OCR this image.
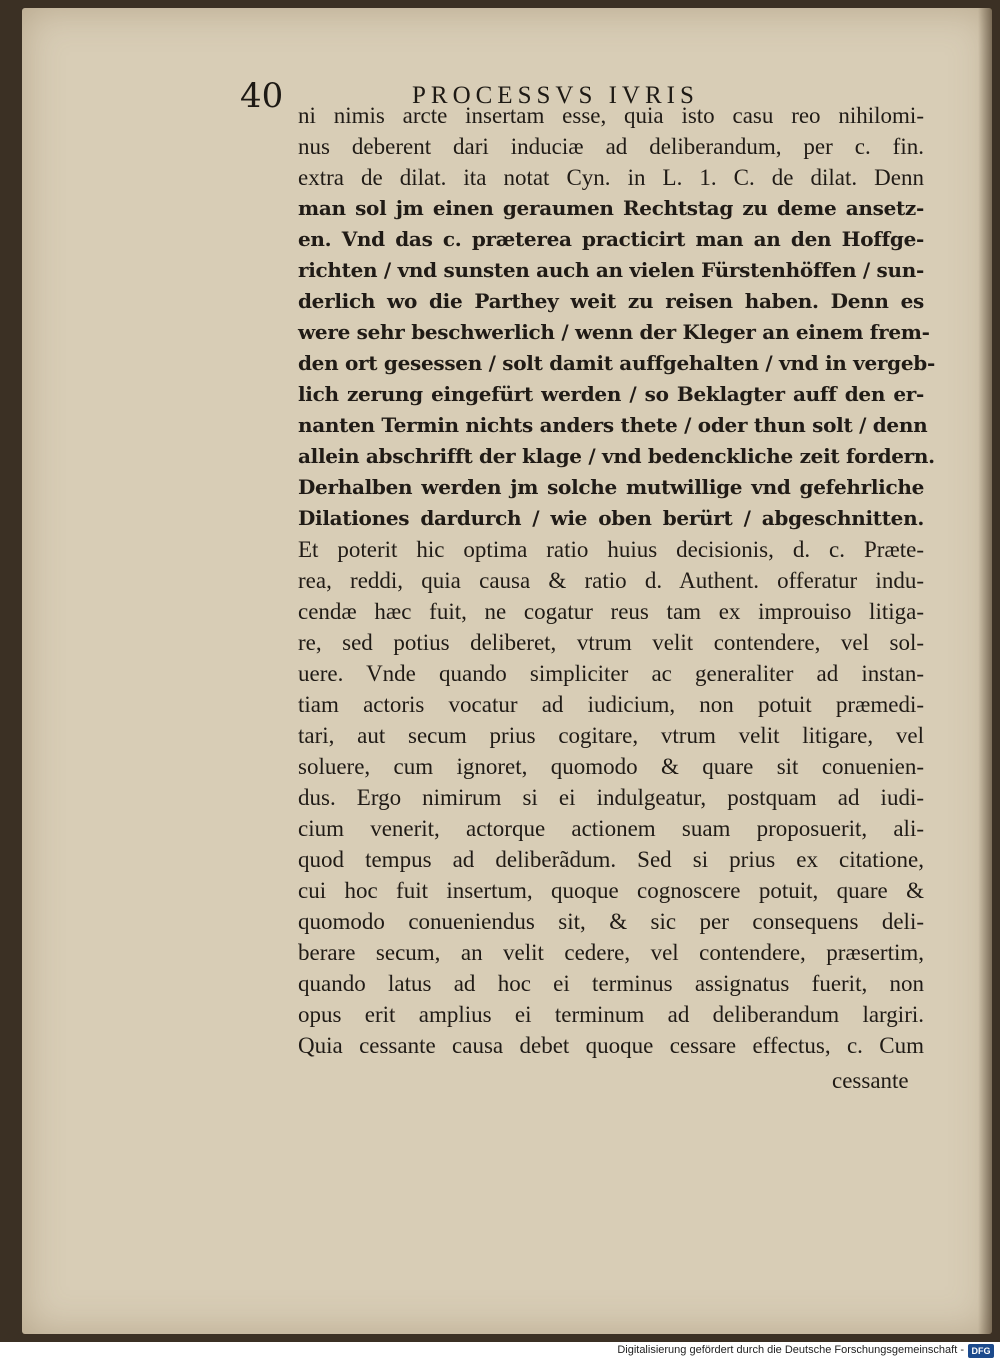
40	PROCESSVS IVRIS
ni nimis arcte insertam esse, quia isto casu reo nihilomi-
nus deberent dari induciæ ad deliberandum, per c. fin.
extra de dilat. ita notat Cyn. in L. 1. C. de dilat. Denn
man sol jm einen geraumen Rechtstag zu deme ansetz-
en. Vnd das c. præterea practicirt man an den Hoffge-
richten / vnd sunsten auch an vielen Fürstenhöffen / sun-
derlich wo die Parthey weit zu reisen haben. Denn es
were sehr beschwerlich / wenn der Kleger an einem frem-
den ort gesessen / solt damit auffgehalten / vnd in vergeb-
lich zerung eingefürt werden / so Beklagter auff den er-
nanten Termin nichts anders thete / oder thun solt / denn
allein abschrifft der klage / vnd bedenckliche zeit fordern.
Derhalben werden jm solche mutwillige vnd gefehrliche
Dilationes dardurch / wie oben berürt / abgeschnitten.
Et poterit hic optima ratio huius decisionis, d. c. Præte-
rea, reddi, quia causa & ratio d. Authent. offeratur indu-
cendæ hæc fuit, ne cogatur reus tam ex improuiso litiga-
re, sed potius deliberet, vtrum velit contendere, vel sol-
uere. Vnde quando simpliciter ac generaliter ad instan-
tiam actoris vocatur ad iudicium, non potuit præmedi-
tari, aut secum prius cogitare, vtrum velit litigare, vel
soluere, cum ignoret, quomodo & quare sit conuenien-
dus. Ergo nimirum si ei indulgeatur, postquam ad iudi-
cium venerit, actorque actionem suam proposuerit, ali-
quod tempus ad deliberãdum. Sed si prius ex citatione,
cui hoc fuit insertum, quoque cognoscere potuit, quare &
quomodo conueniendus sit, & sic per consequens deli-
berare secum, an velit cedere, vel contendere, præsertim,
quando latus ad hoc ei terminus assignatus fuerit, non
opus erit amplius ei terminum ad deliberandum largiri.
Quia cessante causa debet quoque cessare effectus, c. Cum
cessante
Digitalisierung gefördert durch die Deutsche Forschungsgemeinschaft - DFG
